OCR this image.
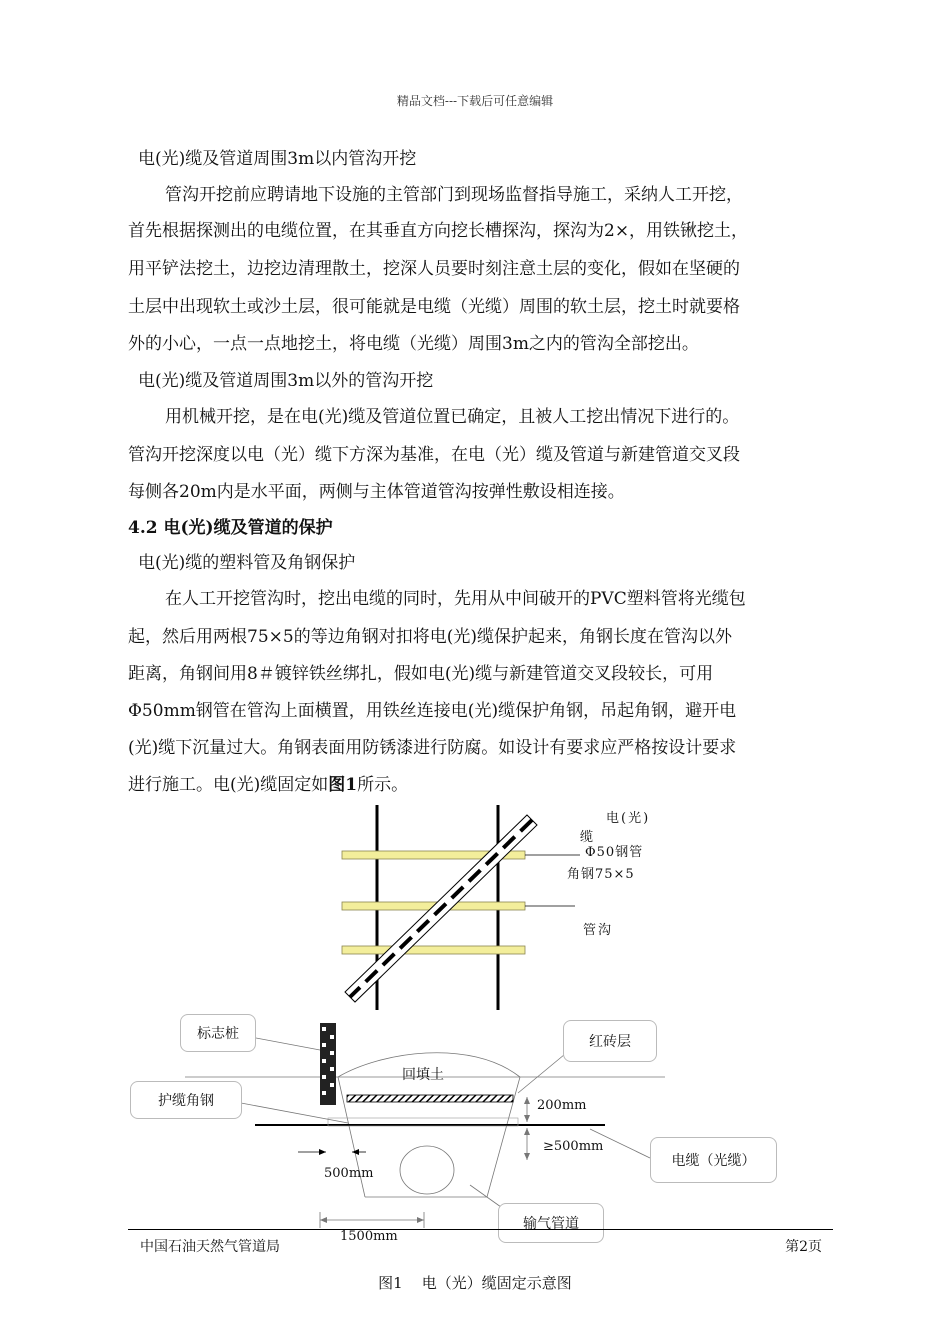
精品文档---下载后可任意编辑
电(光)缆及管道周围3m以内管沟开挖
管沟开挖前应聘请地下设施的主管部门到现场监督指导施工，采纳人工开挖，
首先根据探测出的电缆位置，在其垂直方向挖长槽探沟，探沟为2×，用铁锹挖土，
用平铲法挖土，边挖边清理散土，挖深人员要时刻注意土层的变化，假如在坚硬的
土层中出现软土或沙土层，很可能就是电缆（光缆）周围的软土层，挖土时就要格
外的小心，一点一点地挖土，将电缆（光缆）周围3m之内的管沟全部挖出。
电(光)缆及管道周围3m以外的管沟开挖
用机械开挖，是在电(光)缆及管道位置已确定，且被人工挖出情况下进行的。
管沟开挖深度以电（光）缆下方深为基准，在电（光）缆及管道与新建管道交叉段
每侧各20m内是水平面，两侧与主体管道管沟按弹性敷设相连接。
4.2 电(光)缆及管道的保护
电(光)缆的塑料管及角钢保护
在人工开挖管沟时，挖出电缆的同时，先用从中间破开的PVC塑料管将光缆包
起，然后用两根75×5的等边角钢对扣将电(光)缆保护起来，角钢长度在管沟以外
距离，角钢间用8＃镀锌铁丝绑扎，假如电(光)缆与新建管道交叉段较长，可用
Φ50mm钢管在管沟上面横置，用铁丝连接电(光)缆保护角钢，吊起角钢，避开电
(光)缆下沉量过大。角钢表面用防锈漆进行防腐。如设计有要求应严格按设计要求
进行施工。电(光)缆固定如图1所示。
电(光)
缆
Φ50钢管
角钢75×5
管沟
标志桩	红砖层
回填土
护缆角钢	200mm
≥500mm
电缆（光缆）
500mm
输气管道
1500mm
中国石油天然气管道局	第2页
图1 电（光）缆固定示意图
